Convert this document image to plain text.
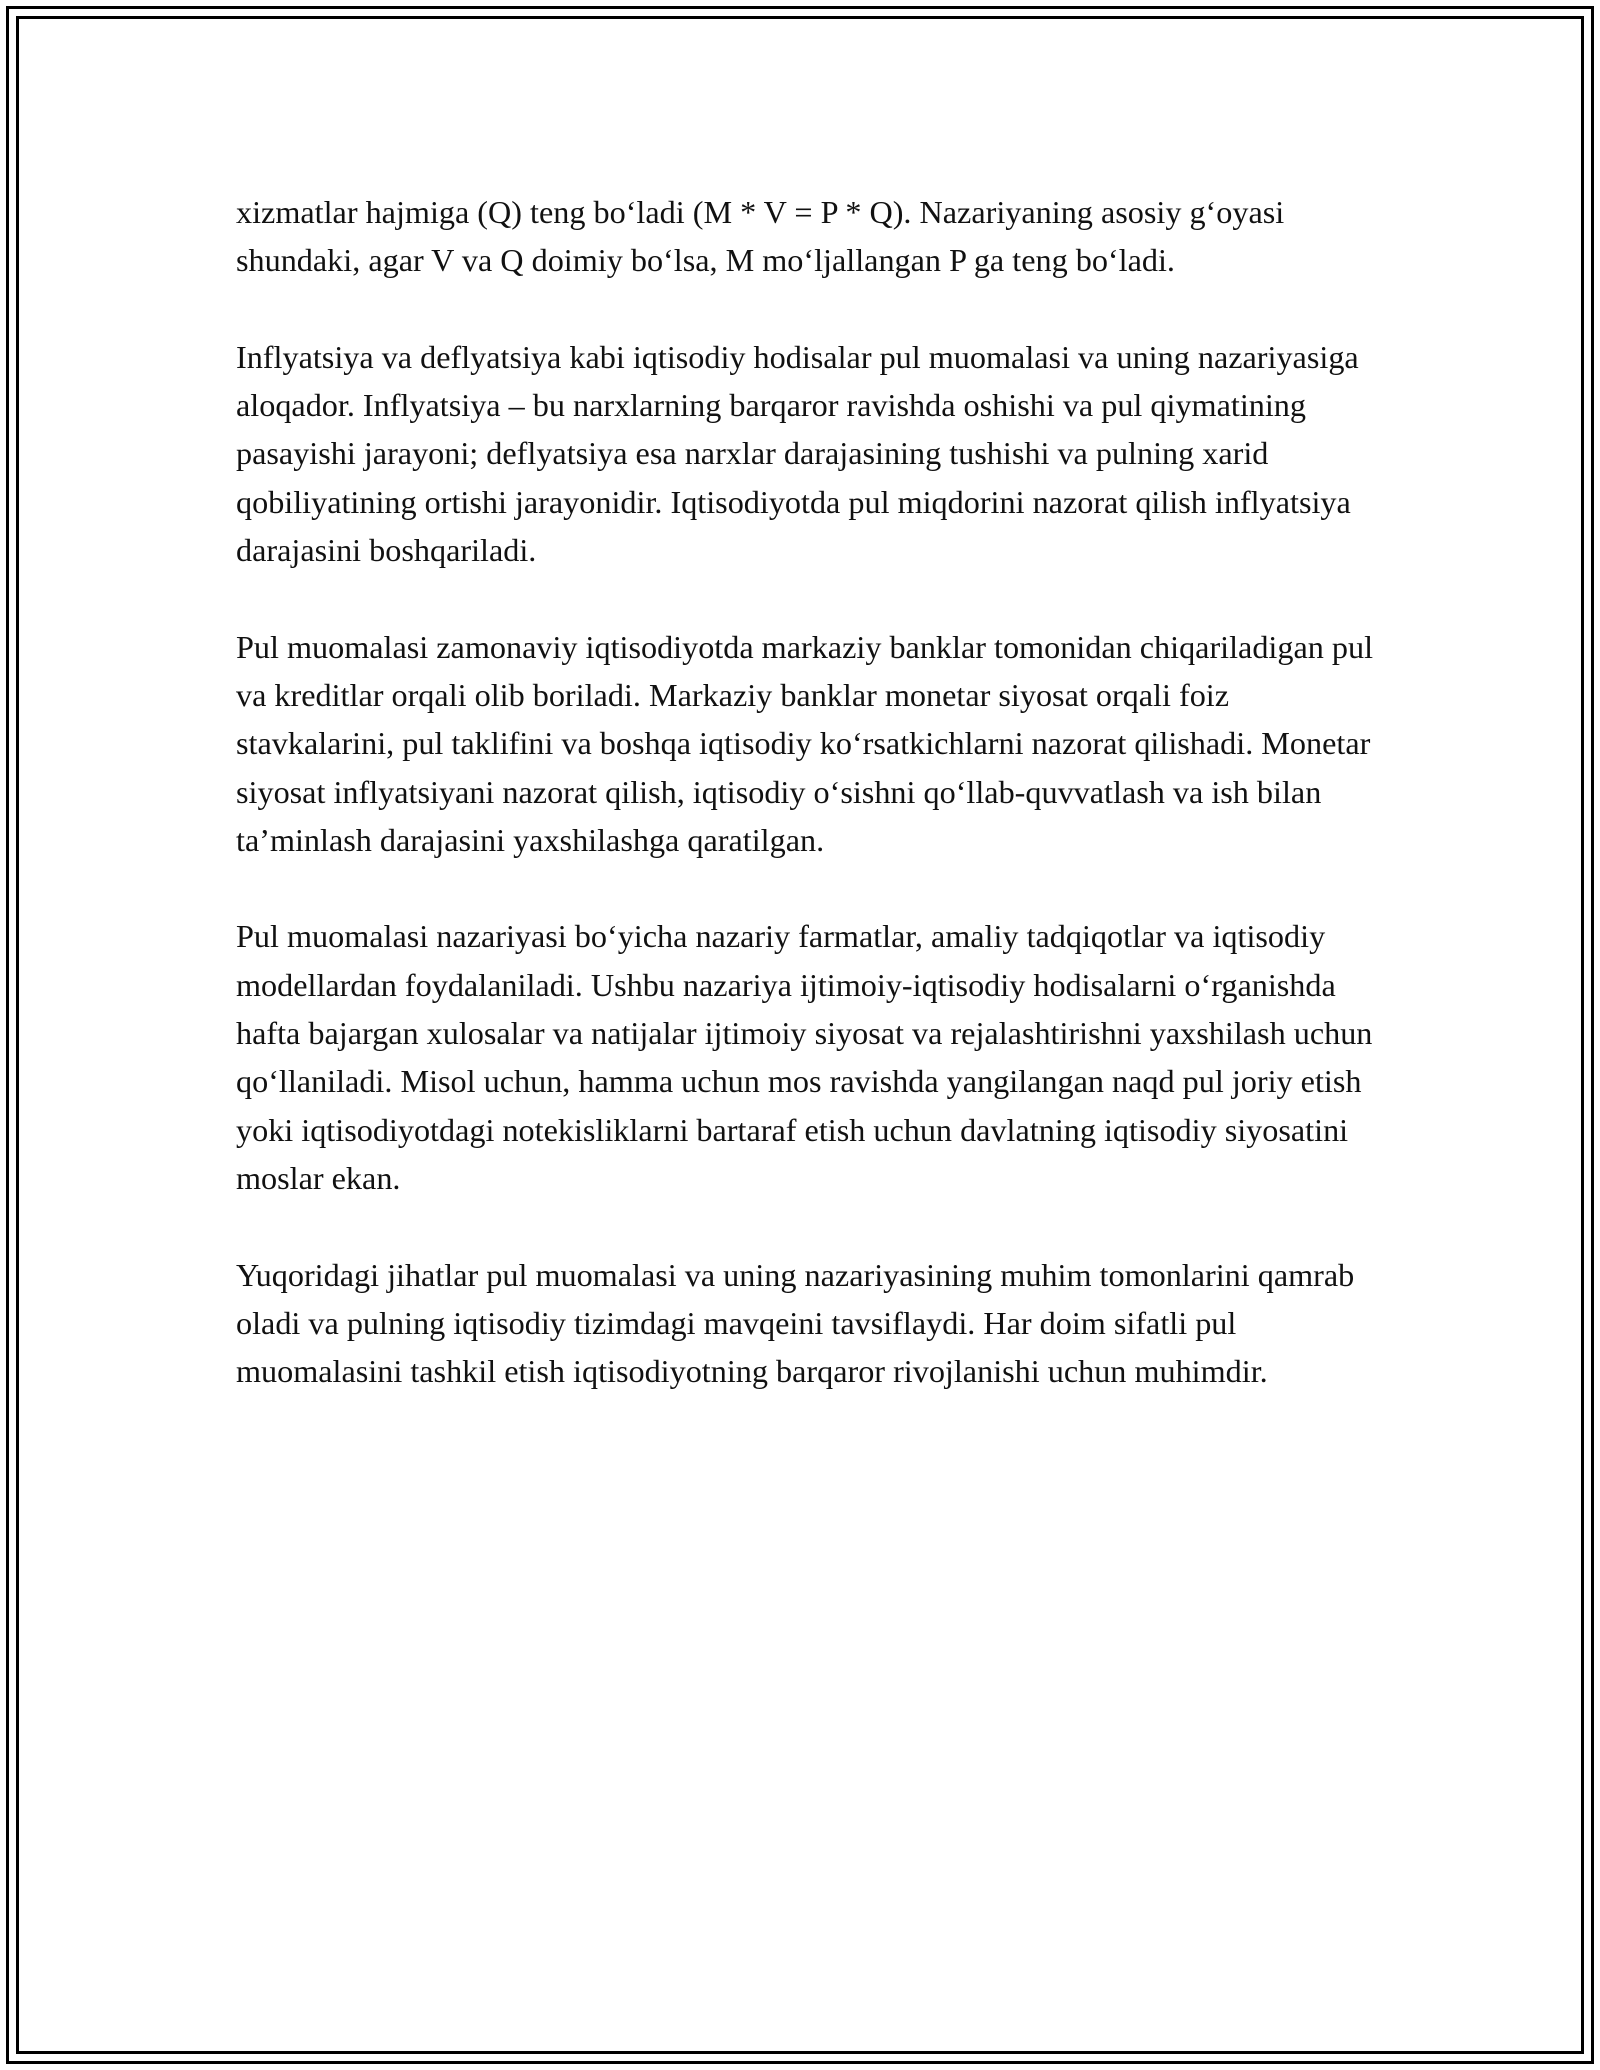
xizmatlar hajmiga (Q) teng bo‘ladi (M * V = P * Q). Nazariyaning asosiy g‘oyasi shundaki, agar V va Q doimiy bo‘lsa, M mo‘ljallangan P ga teng bo‘ladi.

Inflyatsiya va deflyatsiya kabi iqtisodiy hodisalar pul muomalasi va uning nazariyasiga aloqador. Inflyatsiya – bu narxlarning barqaror ravishda oshishi va pul qiymatining pasayishi jarayoni; deflyatsiya esa narxlar darajasining tushishi va pulning xarid qobiliyatining ortishi jarayonidir. Iqtisodiyotda pul miqdorini nazorat qilish inflyatsiya darajasini boshqariladi.

Pul muomalasi zamonaviy iqtisodiyotda markaziy banklar tomonidan chiqariladigan pul va kreditlar orqali olib boriladi. Markaziy banklar monetar siyosat orqali foiz stavkalarini, pul taklifini va boshqa iqtisodiy ko‘rsatkichlarni nazorat qilishadi. Monetar siyosat inflyatsiyani nazorat qilish, iqtisodiy o‘sishni qo‘llab-quvvatlash va ish bilan ta’minlash darajasini yaxshilashga qaratilgan.

Pul muomalasi nazariyasi bo‘yicha nazariy farmatlar, amaliy tadqiqotlar va iqtisodiy modellardan foydalaniladi. Ushbu nazariya ijtimoiy-iqtisodiy hodisalarni o‘rganishda hafta bajargan xulosalar va natijalar ijtimoiy siyosat va rejalashtirishni yaxshilash uchun qo‘llaniladi. Misol uchun, hamma uchun mos ravishda yangilangan naqd pul joriy etish yoki iqtisodiyotdagi notekisliklarni bartaraf etish uchun davlatning iqtisodiy siyosatini moslar ekan.

Yuqoridagi jihatlar pul muomalasi va uning nazariyasining muhim tomonlarini qamrab oladi va pulning iqtisodiy tizimdagi mavqeini tavsiflaydi. Har doim sifatli pul muomalasini tashkil etish iqtisodiyotning barqaror rivojlanishi uchun muhimdir.
